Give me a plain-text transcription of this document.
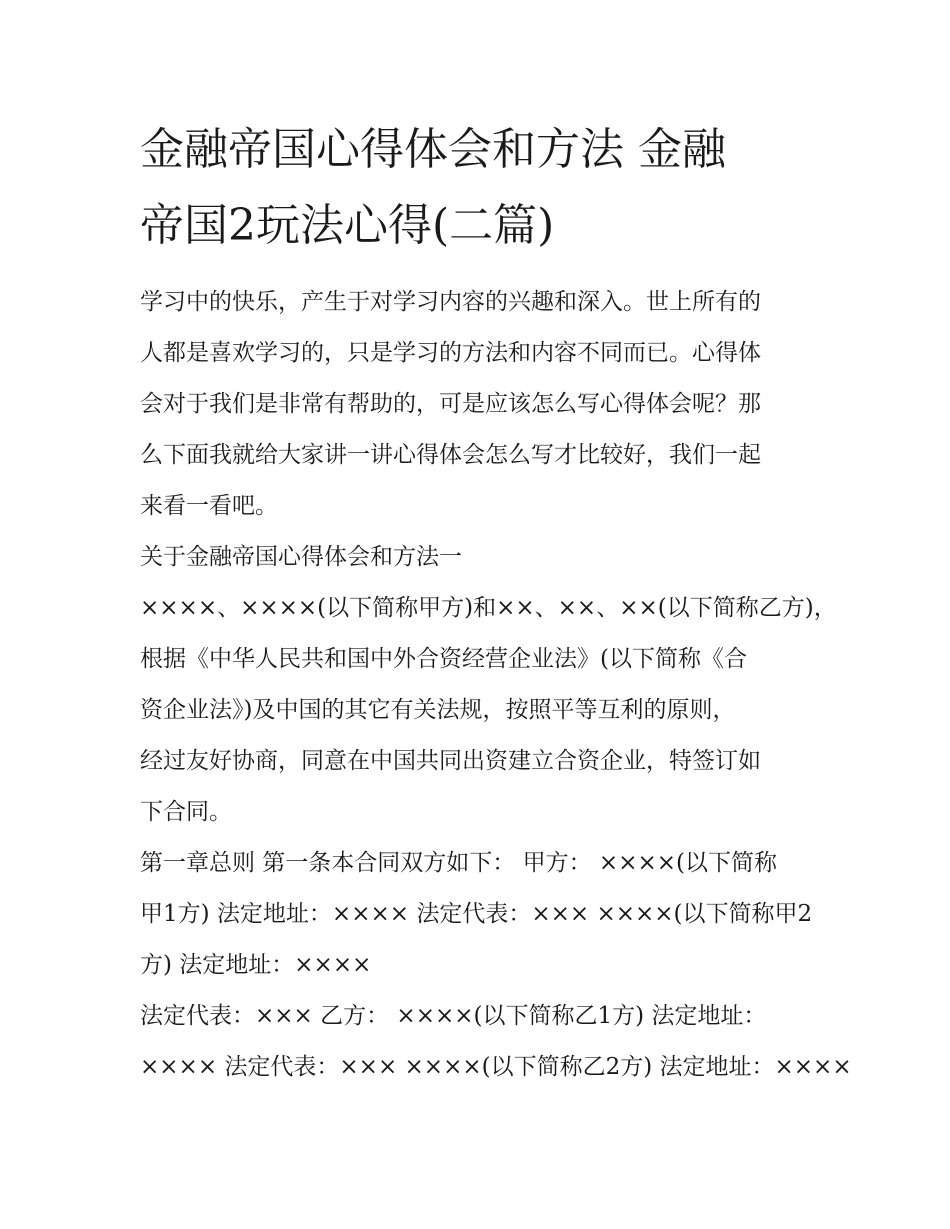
金融帝国心得体会和方法 金融
帝国2玩法心得(二篇)
学习中的快乐，产生于对学习内容的兴趣和深入。世上所有的
人都是喜欢学习的，只是学习的方法和内容不同而已。心得体
会对于我们是非常有帮助的，可是应该怎么写心得体会呢？那
么下面我就给大家讲一讲心得体会怎么写才比较好，我们一起
来看一看吧。
关于金融帝国心得体会和方法一
××××、××××(以下简称甲方)和××、××、××(以下简称乙方)，
根据《中华人民共和国中外合资经营企业法》(以下简称《合
资企业法》)及中国的其它有关法规，按照平等互利的原则，
经过友好协商，同意在中国共同出资建立合资企业，特签订如
下合同。
第一章总则 第一条本合同双方如下： 甲方： ××××(以下简称
甲1方) 法定地址：×××× 法定代表：××× ××××(以下简称甲2
方) 法定地址：××××
法定代表：××× 乙方： ××××(以下简称乙1方) 法定地址：
×××× 法定代表：××× ××××(以下简称乙2方) 法定地址：××××
